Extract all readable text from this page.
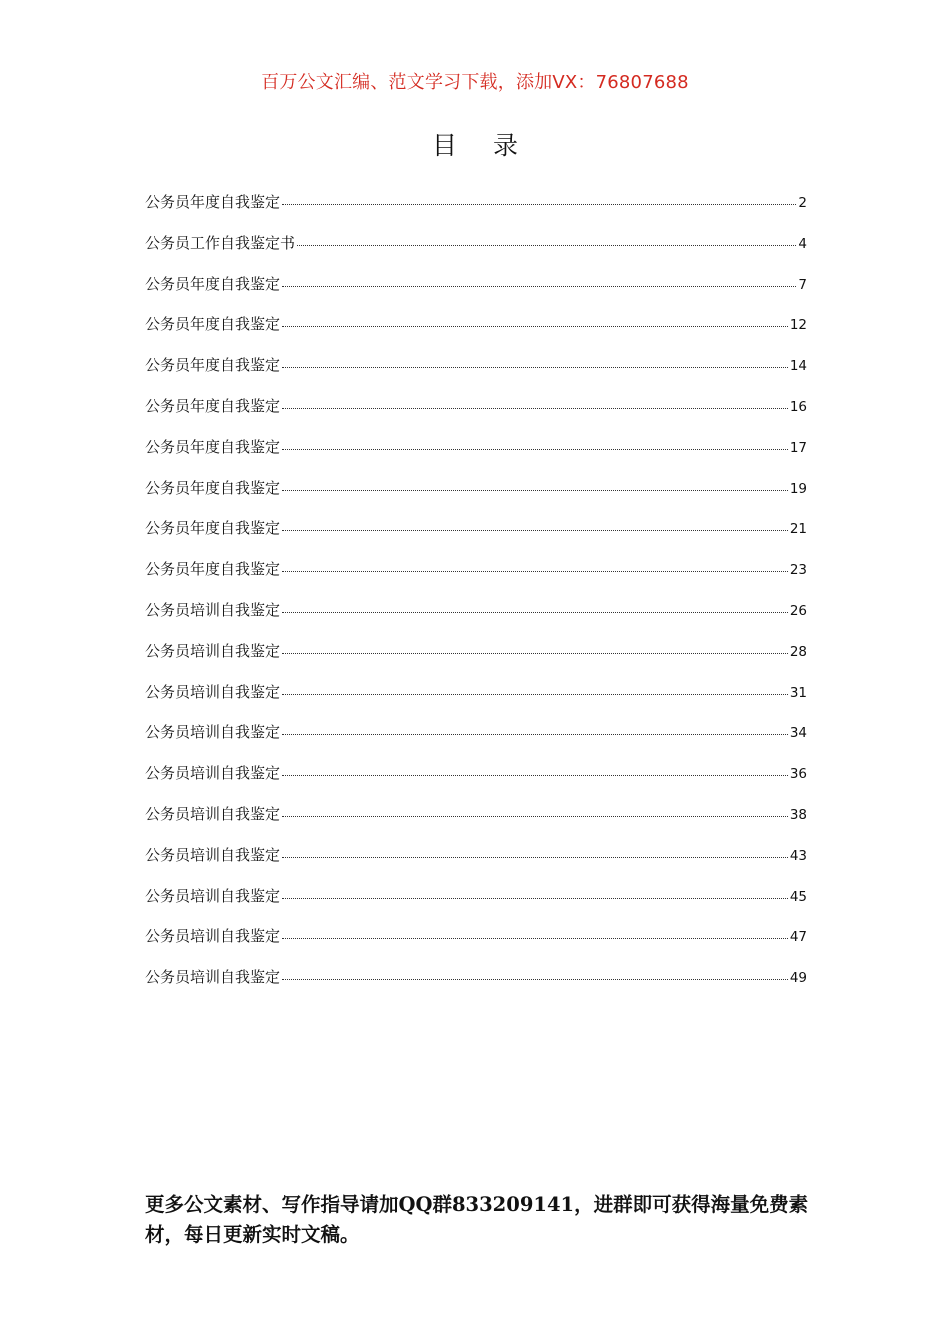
百万公文汇编、范文学习下载，添加VX：76807688
目 录
公务员年度自我鉴定	2
公务员工作自我鉴定书	4
公务员年度自我鉴定	7
公务员年度自我鉴定	12
公务员年度自我鉴定	14
公务员年度自我鉴定	16
公务员年度自我鉴定	17
公务员年度自我鉴定	19
公务员年度自我鉴定	21
公务员年度自我鉴定	23
公务员培训自我鉴定	26
公务员培训自我鉴定	28
公务员培训自我鉴定	31
公务员培训自我鉴定	34
公务员培训自我鉴定	36
公务员培训自我鉴定	38
公务员培训自我鉴定	43
公务员培训自我鉴定	45
公务员培训自我鉴定	47
公务员培训自我鉴定	49
更多公文素材、写作指导请加QQ群833209141，进群即可获得海量免费素材，每日更新实时文稿。
